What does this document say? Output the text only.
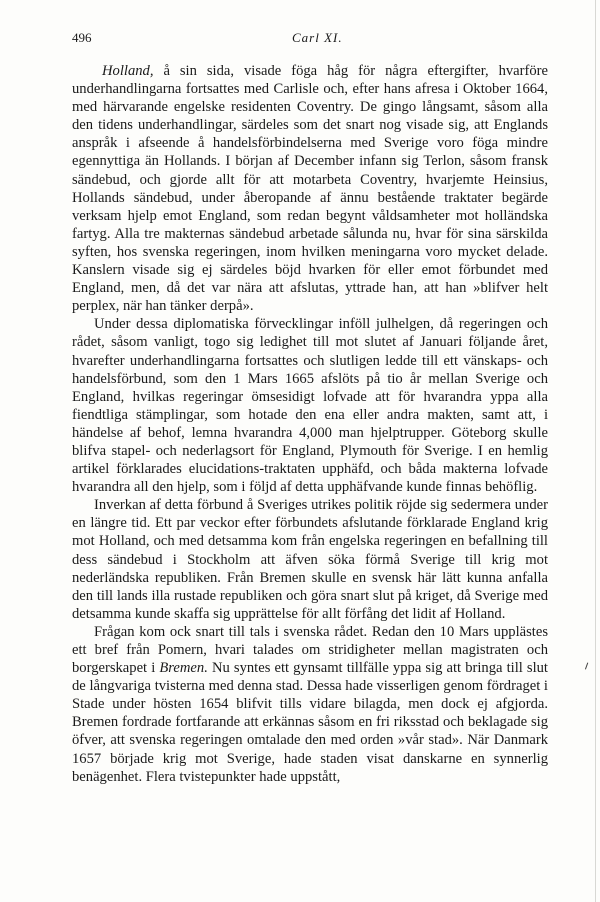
496	Carl XI.

Holland, å sin sida, visade föga håg för några eftergifter, hvarföre underhandlingarna fortsattes med Carlisle och, efter hans afresa i Oktober 1664, med härvarande engelske residenten Coventry. De gingo långsamt, såsom alla den tidens underhandlingar, särdeles som det snart nog visade sig, att Englands anspråk i afseende å handelsförbindelserna med Sverige voro föga mindre egennyttiga än Hollands. I början af December infann sig Terlon, såsom fransk sändebud, och gjorde allt för att motarbeta Coventry, hvarjemte Heinsius, Hollands sändebud, under åberopande af ännu bestående traktater begärde verksam hjelp emot England, som redan begynt våldsamheter mot holländska fartyg. Alla tre makternas sändebud arbetade sålunda nu, hvar för sina särskilda syften, hos svenska regeringen, inom hvilken meningarna voro mycket delade. Kanslern visade sig ej särdeles böjd hvarken för eller emot förbundet med England, men, då det var nära att afslutas, yttrade han, att han »blifver helt perplex, när han tänker derpå».

Under dessa diplomatiska förvecklingar inföll julhelgen, då regeringen och rådet, såsom vanligt, togo sig ledighet till mot slutet af Januari följande året, hvarefter underhandlingarna fortsattes och slutligen ledde till ett vänskaps- och handelsförbund, som den 1 Mars 1665 afslöts på tio år mellan Sverige och England, hvilkas regeringar ömsesidigt lofvade att för hvarandra yppa alla fiendtliga stämplingar, som hotade den ena eller andra makten, samt att, i händelse af behof, lemna hvarandra 4,000 man hjelptrupper. Göteborg skulle blifva stapel- och nederlagsort för England, Plymouth för Sverige. I en hemlig artikel förklarades elucidations-traktaten upphäfd, och båda makterna lofvade hvarandra all den hjelp, som i följd af detta upphäfvande kunde finnas behöflig.

Inverkan af detta förbund å Sveriges utrikes politik röjde sig sedermera under en längre tid. Ett par veckor efter förbundets afslutande förklarade England krig mot Holland, och med detsamma kom från engelska regeringen en befallning till dess sändebud i Stockholm att äfven söka förmå Sverige till krig mot nederländska republiken. Från Bremen skulle en svensk här lätt kunna anfalla den till lands illa rustade republiken och göra snart slut på kriget, då Sverige med detsamma kunde skaffa sig upprättelse för allt förfång det lidit af Holland.

Frågan kom ock snart till tals i svenska rådet. Redan den 10 Mars upplästes ett bref från Pomern, hvari talades om stridigheter mellan magistraten och borgerskapet i Bremen. Nu syntes ett gynsamt tillfälle yppa sig att bringa till slut de långvariga tvisterna med denna stad. Dessa hade visserligen genom fördraget i Stade under hösten 1654 blifvit tills vidare bilagda, men dock ej afgjorda. Bremen fordrade fortfarande att erkännas såsom en fri riksstad och beklagade sig öfver, att svenska regeringen omtalade den med orden »vår stad». När Danmark 1657 började krig mot Sverige, hade staden visat danskarne en synnerlig benägenhet. Flera tvistepunkter hade uppstått,
